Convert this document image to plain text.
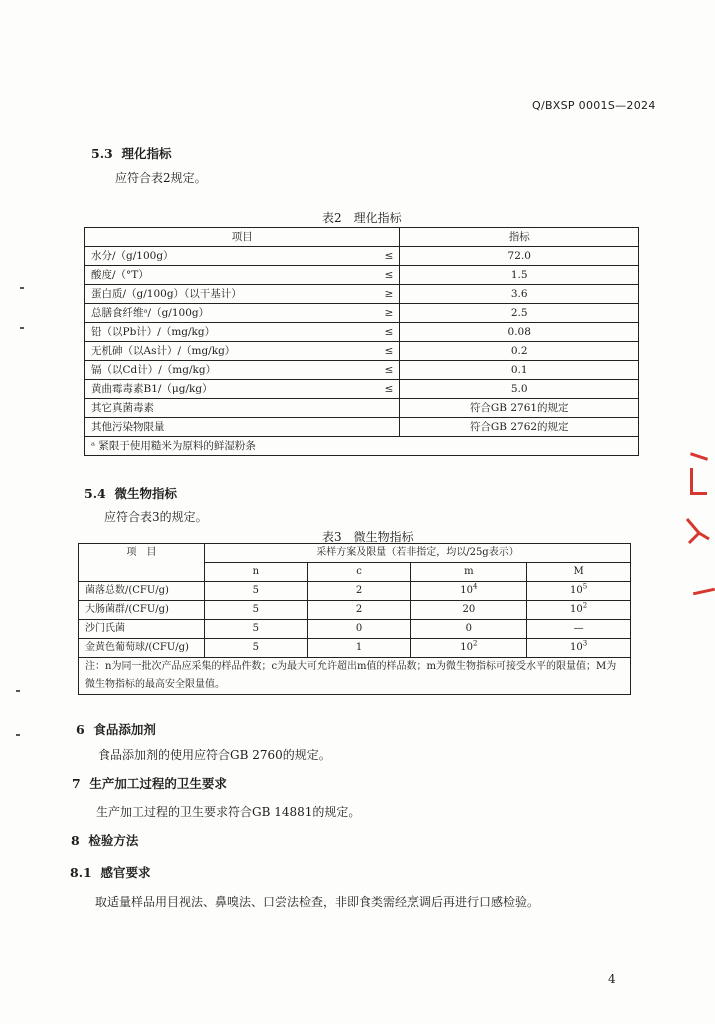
Q/BXSP 0001S—2024
5.3 理化指标
应符合表2规定。
表2　理化指标
项目		指标
水分/（g/100g）	≤	72.0
酸度/（°T）	≤	1.5
蛋白质/（g/100g）（以干基计）	≥	3.6
总膳食纤维ᵃ/（g/100g）	≥	2.5
铅（以Pb计）/（mg/kg）	≤	0.08
无机砷（以As计）/（mg/kg）	≤	0.2
镉（以Cd计）/（mg/kg）	≤	0.1
黄曲霉毒素B1/（μg/kg）	≤	5.0
其它真菌毒素		符合GB 2761的规定
其他污染物限量		符合GB 2762的规定
ᵃ 紧限于使用糙米为原料的鲜湿粉条		
5.4 微生物指标
应符合表3的规定。
表3　微生物指标
项　目	采样方案及限量（若非指定，均以/25g表示）			
	n	c	m	M
菌落总数/(CFU/g)	5	2	$10^4$	$10^5$
大肠菌群/(CFU/g)	5	2	20	$10^2$
沙门氏菌	5	0	0	—
金黄色葡萄球/(CFU/g)	5	1	$10^2$	$10^3$
注：n为同一批次产品应采集的样品件数；c为最大可允许超出m值的样品数；m为微生物指标可接受水平的限量值；M为微生物指标的最高安全限量值。				
6 食品添加剂
食品添加剂的使用应符合GB 2760的规定。
7 生产加工过程的卫生要求
生产加工过程的卫生要求符合GB 14881的规定。
8 检验方法
8.1 感官要求
取适量样品用目视法、鼻嗅法、口尝法检查，非即食类需经烹调后再进行口感检验。
4
